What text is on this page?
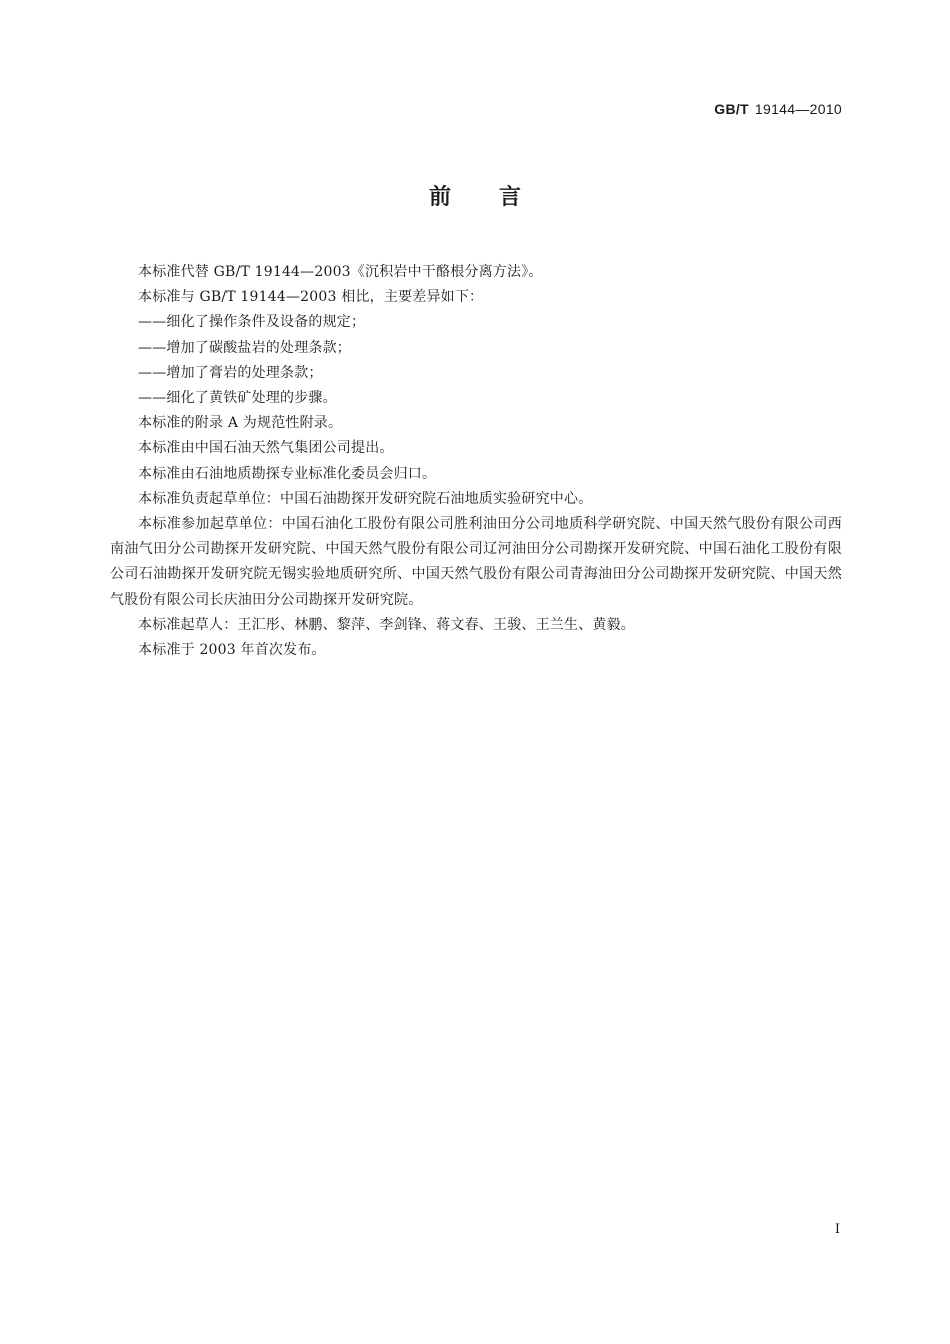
GB/T 19144—2010
前言

本标准代替 GB/T 19144—2003《沉积岩中干酪根分离方法》。

本标准与 GB/T 19144—2003 相比，主要差异如下：

——细化了操作条件及设备的规定；

——增加了碳酸盐岩的处理条款；

——增加了膏岩的处理条款；

——细化了黄铁矿处理的步骤。

本标准的附录 A 为规范性附录。

本标准由中国石油天然气集团公司提出。

本标准由石油地质勘探专业标准化委员会归口。

本标准负责起草单位：中国石油勘探开发研究院石油地质实验研究中心。

本标准参加起草单位：中国石油化工股份有限公司胜利油田分公司地质科学研究院、中国天然气股份有限公司西南油气田分公司勘探开发研究院、中国天然气股份有限公司辽河油田分公司勘探开发研究院、中国石油化工股份有限公司石油勘探开发研究院无锡实验地质研究所、中国天然气股份有限公司青海油田分公司勘探开发研究院、中国天然气股份有限公司长庆油田分公司勘探开发研究院。

本标准起草人：王汇彤、林鹏、黎萍、李剑锋、蒋文春、王骏、王兰生、黄毅。

本标准于 2003 年首次发布。

I
